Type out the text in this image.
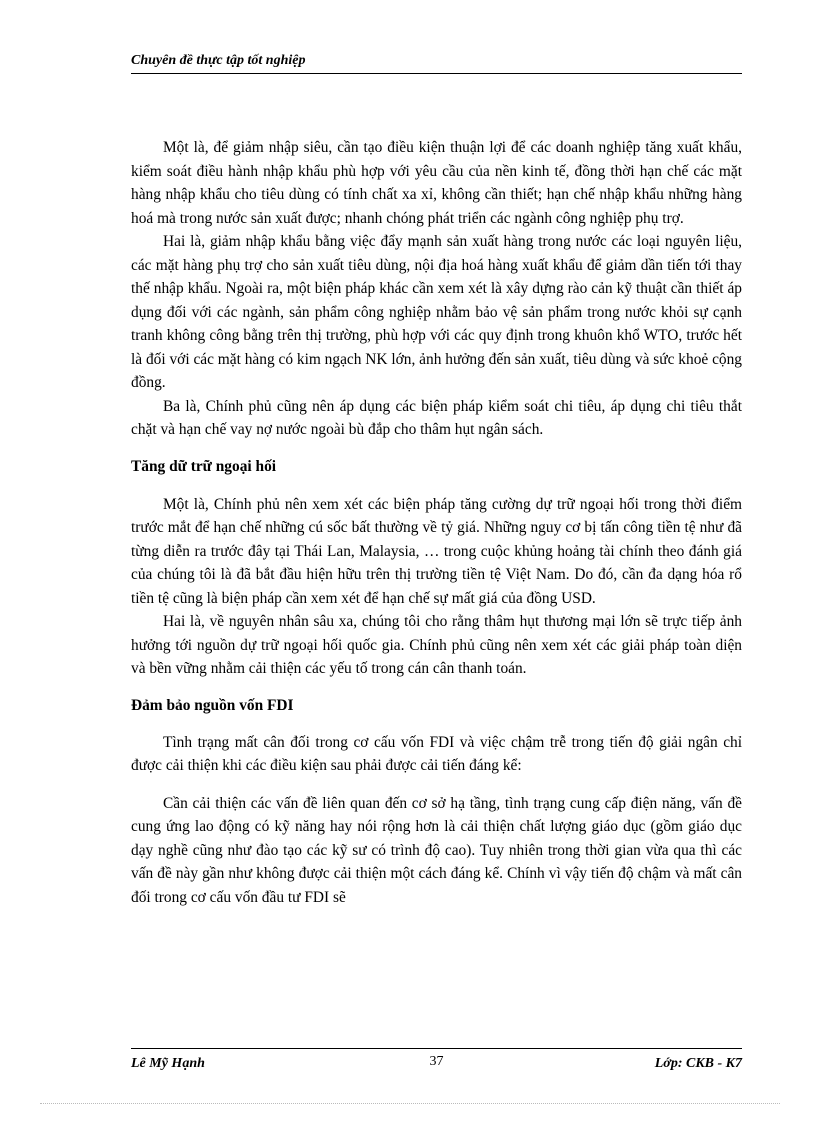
Chuyên đề thực tập tốt nghiệp

Một là, để giảm nhập siêu, cần tạo điều kiện thuận lợi để các doanh nghiệp tăng xuất khẩu, kiểm soát điều hành nhập khẩu phù hợp với yêu cầu của nền kinh tế, đồng thời hạn chế các mặt hàng nhập khẩu cho tiêu dùng có tính chất xa xỉ, không cần thiết; hạn chế nhập khẩu những hàng hoá mà trong nước sản xuất được; nhanh chóng phát triển các ngành công nghiệp phụ trợ.

Hai là, giảm nhập khẩu bằng việc đẩy mạnh sản xuất hàng trong nước các loại nguyên liệu, các mặt hàng phụ trợ cho sản xuất tiêu dùng, nội địa hoá hàng xuất khẩu để giảm dần tiến tới thay thế nhập khẩu. Ngoài ra, một biện pháp khác cần xem xét là xây dựng rào cản kỹ thuật cần thiết áp dụng đối với các ngành, sản phẩm công nghiệp nhằm bảo vệ sản phẩm trong nước khỏi sự cạnh tranh không công bằng trên thị trường, phù hợp với các quy định trong khuôn khổ WTO, trước hết là đối với các mặt hàng có kim ngạch NK lớn, ảnh hưởng đến sản xuất, tiêu dùng và sức khoẻ cộng đồng.

Ba là, Chính phủ cũng nên áp dụng các biện pháp kiểm soát chi tiêu, áp dụng chi tiêu thắt chặt và hạn chế vay nợ nước ngoài bù đắp cho thâm hụt ngân sách.

Tăng dữ trữ ngoại hối

Một là, Chính phủ nên xem xét các biện pháp tăng cường dự trữ ngoại hối trong thời điểm trước mắt để hạn chế những cú sốc bất thường về tỷ giá. Những nguy cơ bị tấn công tiền tệ như đã từng diễn ra trước đây tại Thái Lan, Malaysia, … trong cuộc khủng hoảng tài chính theo đánh giá của chúng tôi là đã bắt đầu hiện hữu trên thị trường tiền tệ Việt Nam. Do đó, cần đa dạng hóa rổ tiền tệ cũng là biện pháp cần xem xét để hạn chế sự mất giá của đồng USD.

Hai là, về nguyên nhân sâu xa, chúng tôi cho rằng thâm hụt thương mại lớn sẽ trực tiếp ảnh hưởng tới nguồn dự trữ ngoại hối quốc gia. Chính phủ cũng nên xem xét các giải pháp toàn diện và bền vững nhằm cải thiện các yếu tố trong cán cân thanh toán.

Đảm bảo nguồn vốn FDI

Tình trạng mất cân đối trong cơ cấu vốn FDI và việc chậm trễ trong tiến độ giải ngân chỉ được cải thiện khi các điều kiện sau phải được cải tiến đáng kể:

Cần cải thiện các vấn đề liên quan đến cơ sở hạ tầng, tình trạng cung cấp điện năng, vấn đề cung ứng lao động có kỹ năng hay nói rộng hơn là cải thiện chất lượng giáo dục (gồm giáo dục dạy nghề cũng như đào tạo các kỹ sư có trình độ cao). Tuy nhiên trong thời gian vừa qua thì các vấn đề này gần như không được cải thiện một cách đáng kể. Chính vì vậy tiến độ chậm và mất cân đối trong cơ cấu vốn đầu tư FDI sẽ

Lê Mỹ Hạnh	37	Lớp: CKB - K7
